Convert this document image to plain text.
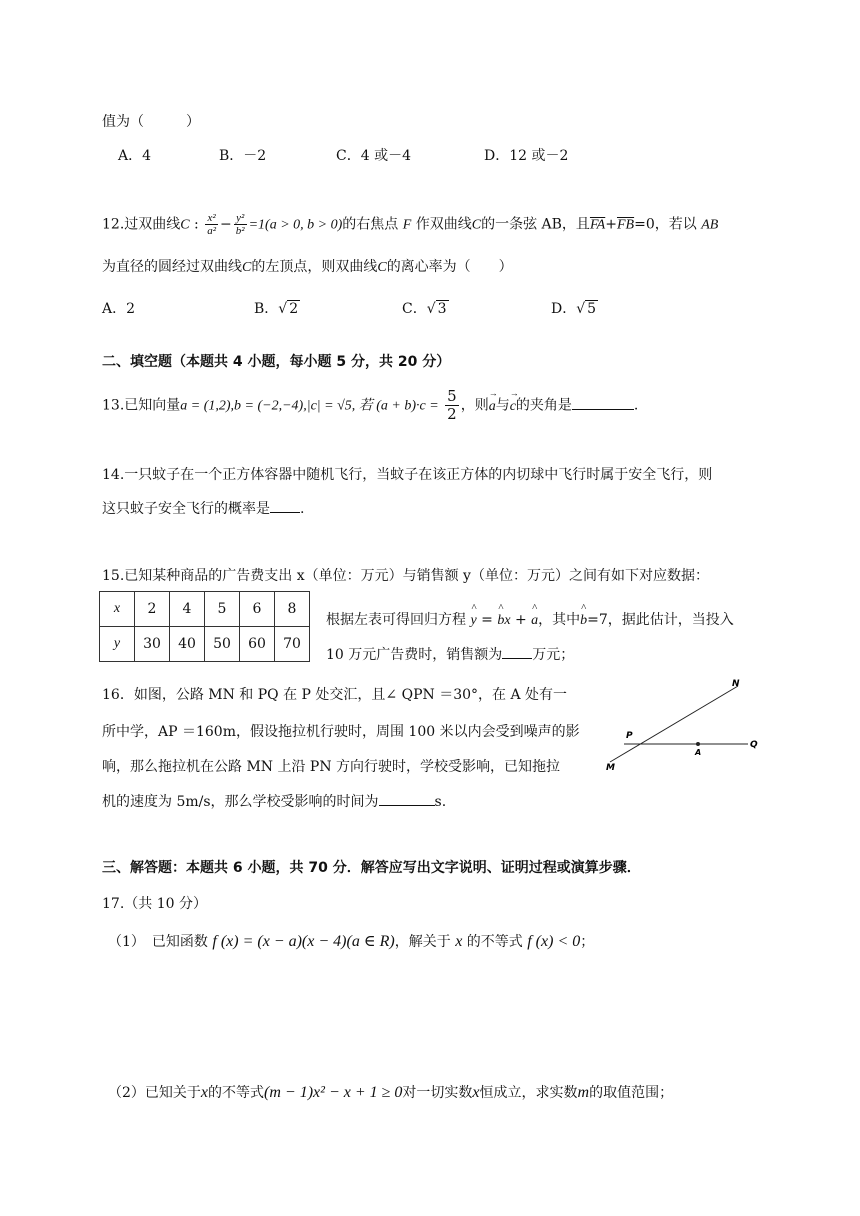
值为（　　　）
A．4	B．－2	C．4 或－4	D．12 或－2
12.过双曲线C : $\frac{\text{x²}}{\text{a²}} - \frac{\text{y²}}{\text{b²}} =1(a > 0$, b > 0)的右焦点 F 作双曲线C的一条弦 AB，且$\overline{FA}+\overline{FB}=0$，若以 AB
为直径的圆经过双曲线C的左顶点，则双曲线C的离心率为（　　）
A．2	B．√ 2	C．√ 3	D．√ 5
二、填空题（本题共 4 小题，每小题 5 分，共 20 分）
13.已知向量a = (1,2),b = (−2,−4),|c| = √5, 若 $(a + b)\cdot c = \frac{5}{2}$ ，则→ a与→ c的夹角是	.
14.一只蚊子在一个正方体容器中随机飞行，当蚊子在该正方体的内切球中飞行时属于安全飞行，则
这只蚊子安全飞行的概率是 .
15.已知某种商品的广告费支出 x（单位：万元）与销售额 y（单位：万元）之间有如下对应数据：
x	2	4	5	6	8
y	30	40	50	60	70
根据左表可得回归方程 ^ y = ^ bx + ^ a，其中^ b=7，据此估计，当投入
10 万元广告费时，销售额为 万元；
16．如图，公路 MN 和 PQ 在 P 处交汇，且∠ QPN ＝30°，在 A 处有一
所中学，AP ＝160m，假设拖拉机行驶时，周围 100 米以内会受到噪声的影
响，那么拖拉机在公路 MN 上沿 PN 方向行驶时，学校受影响，已知拖拉
机的速度为 5m/s，那么学校受影响的时间为	s.
N
P
A
Q
M
三、解答题：本题共 6 小题，共 70 分．解答应写出文字说明、证明过程或演算步骤．
17.（共 10 分）
（1）　已知函数 f (x) = (x − a)(x − 4)(a ∈ R)，解关于 x 的不等式 f (x) < 0；
（2）已知关于x的不等式(m − 1)x² − x + 1 ≥ 0对一切实数x恒成立，求实数m的取值范围；
